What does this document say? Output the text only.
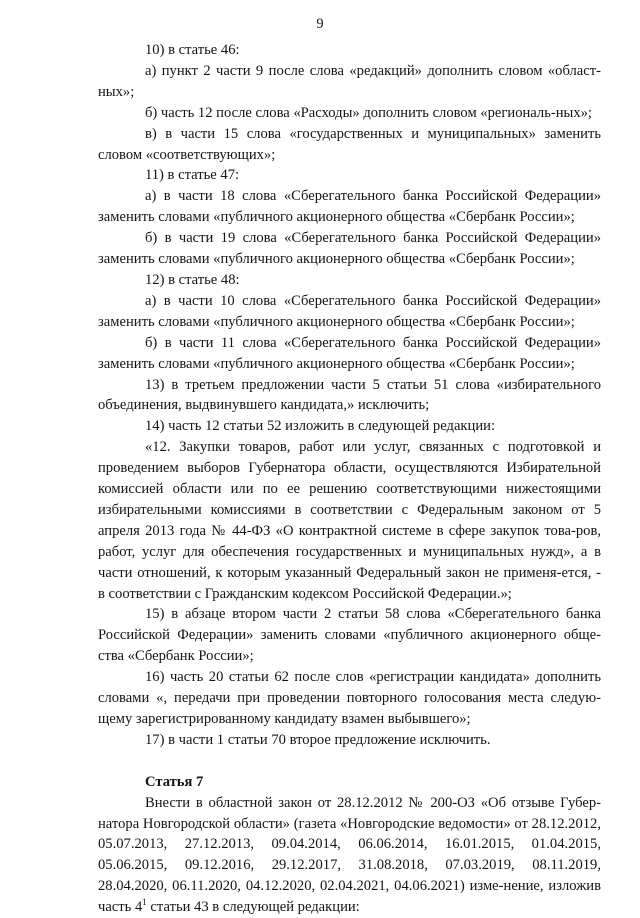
9

10) в статье 46:

а) пункт 2 части 9 после слова «редакций» дополнить словом «област-ных»;

б) часть 12 после слова «Расходы» дополнить словом «региональ-ных»;

в) в части 15 слова «государственных и муниципальных» заменить словом «соответствующих»;

11) в статье 47:

а) в части 18 слова «Сберегательного банка Российской Федерации» заменить словами «публичного акционерного общества «Сбербанк России»;

б) в части 19 слова «Сберегательного банка Российской Федерации» заменить словами «публичного акционерного общества «Сбербанк России»;

12) в статье 48:

а) в части 10 слова «Сберегательного банка Российской Федерации» заменить словами «публичного акционерного общества «Сбербанк России»;

б) в части 11 слова «Сберегательного банка Российской Федерации» заменить словами «публичного акционерного общества «Сбербанк России»;

13) в третьем предложении части 5 статьи 51 слова «избирательного объединения, выдвинувшего кандидата,» исключить;

14) часть 12 статьи 52 изложить в следующей редакции:

«12. Закупки товаров, работ или услуг, связанных с подготовкой и проведением выборов Губернатора области, осуществляются Избирательной комиссией области или по ее решению соответствующими нижестоящими избирательными комиссиями в соответствии с Федеральным законом от 5 апреля 2013 года № 44-ФЗ «О контрактной системе в сфере закупок това-ров, работ, услуг для обеспечения государственных и муниципальных нужд», а в части отношений, к которым указанный Федеральный закон не применя-ется, - в соответствии с Гражданским кодексом Российской Федерации.»;

15) в абзаце втором части 2 статьи 58 слова «Сберегательного банка Российской Федерации» заменить словами «публичного акционерного обще-ства «Сбербанк России»;

16) часть 20 статьи 62 после слов «регистрации кандидата» дополнить словами «, передачи при проведении повторного голосования места следую-щему зарегистрированному кандидату взамен выбывшего»;

17) в части 1 статьи 70 второе предложение исключить.

Статья 7

Внести в областной закон от 28.12.2012 № 200-ОЗ «Об отзыве Губер-натора Новгородской области» (газета «Новгородские ведомости» от 28.12.2012, 05.07.2013, 27.12.2013, 09.04.2014, 06.06.2014, 16.01.2015, 01.04.2015, 05.06.2015, 09.12.2016, 29.12.2017, 31.08.2018, 07.03.2019, 08.11.2019, 28.04.2020, 06.11.2020, 04.12.2020, 02.04.2021, 04.06.2021) изме-нение, изложив часть $4^1$ статьи 43 в следующей редакции:
